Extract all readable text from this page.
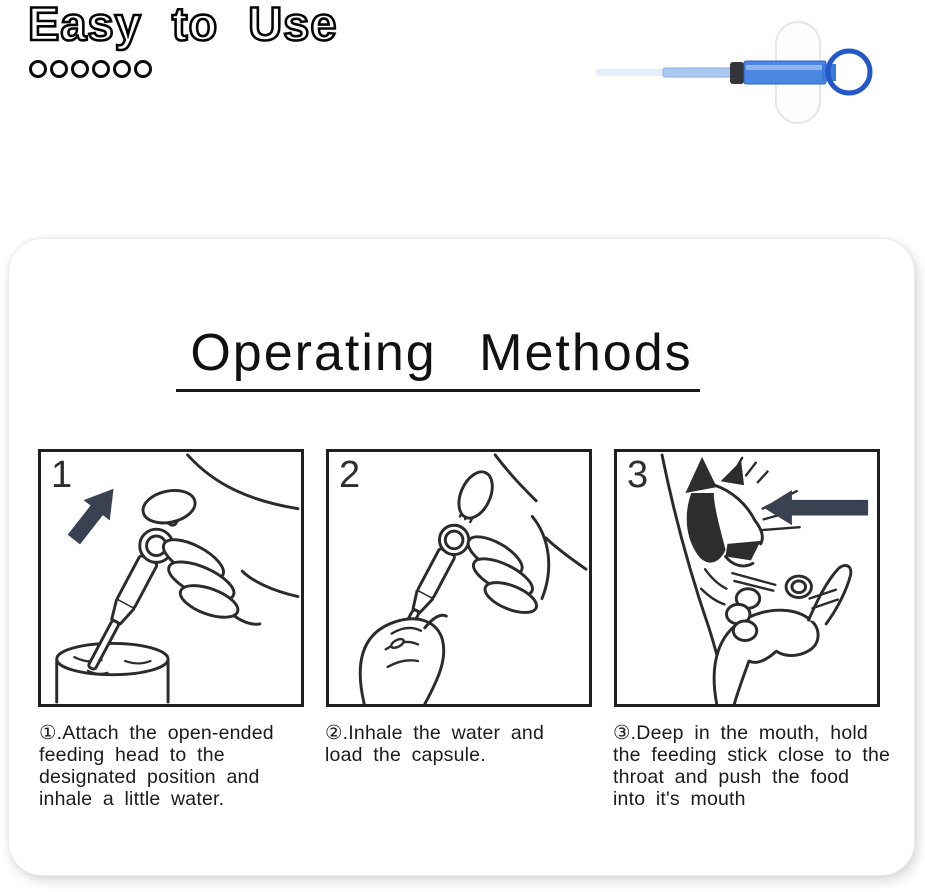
Easy to Use
Operating Methods
1	2	3
①.Attach the open-ended
feeding head to the
designated position and
inhale a little water.
②.Inhale the water and
load the capsule.
③.Deep in the mouth, hold
the feeding stick close to the
throat and push the food
into it's mouth
